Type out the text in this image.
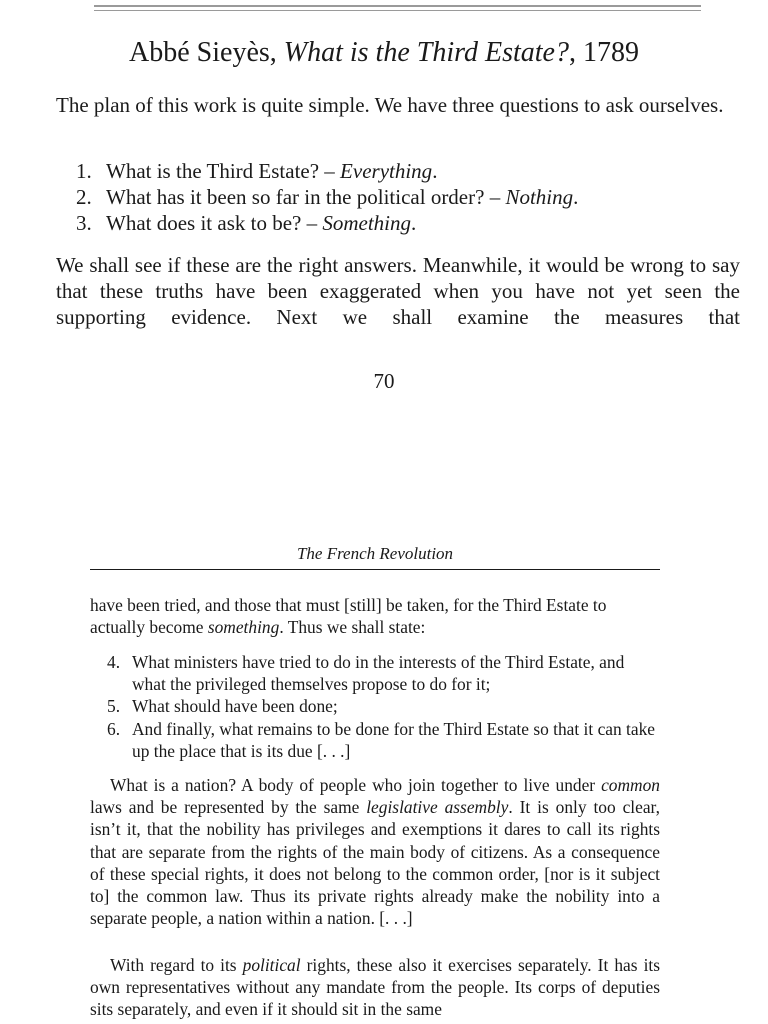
Abbé Sieyès, What is the Third Estate?, 1789

The plan of this work is quite simple. We have three questions to ask ourselves.

1. What is the Third Estate? – Everything.
2. What has it been so far in the political order? – Nothing.
3. What does it ask to be? – Something.

We shall see if these are the right answers. Meanwhile, it would be wrong to say that these truths have been exaggerated when you have not yet seen the supporting evidence. Next we shall examine the measures that

70
The French Revolution

have been tried, and those that must [still] be taken, for the Third Estate to actually become something. Thus we shall state:

4. What ministers have tried to do in the interests of the Third Estate, and what the privileged themselves propose to do for it;
5. What should have been done;
6. And finally, what remains to be done for the Third Estate so that it can take up the place that is its due [. . .]

What is a nation? A body of people who join together to live under common laws and be represented by the same legislative assembly. It is only too clear, isn’t it, that the nobility has privileges and exemptions it dares to call its rights that are separate from the rights of the main body of citizens. As a consequence of these special rights, it does not belong to the common order, [nor is it subject to] the common law. Thus its private rights already make the nobility into a separate people, a nation within a nation. [. . .]

With regard to its political rights, these also it exercises separately. It has its own representatives without any mandate from the people. Its corps of deputies sits separately, and even if it should sit in the same
